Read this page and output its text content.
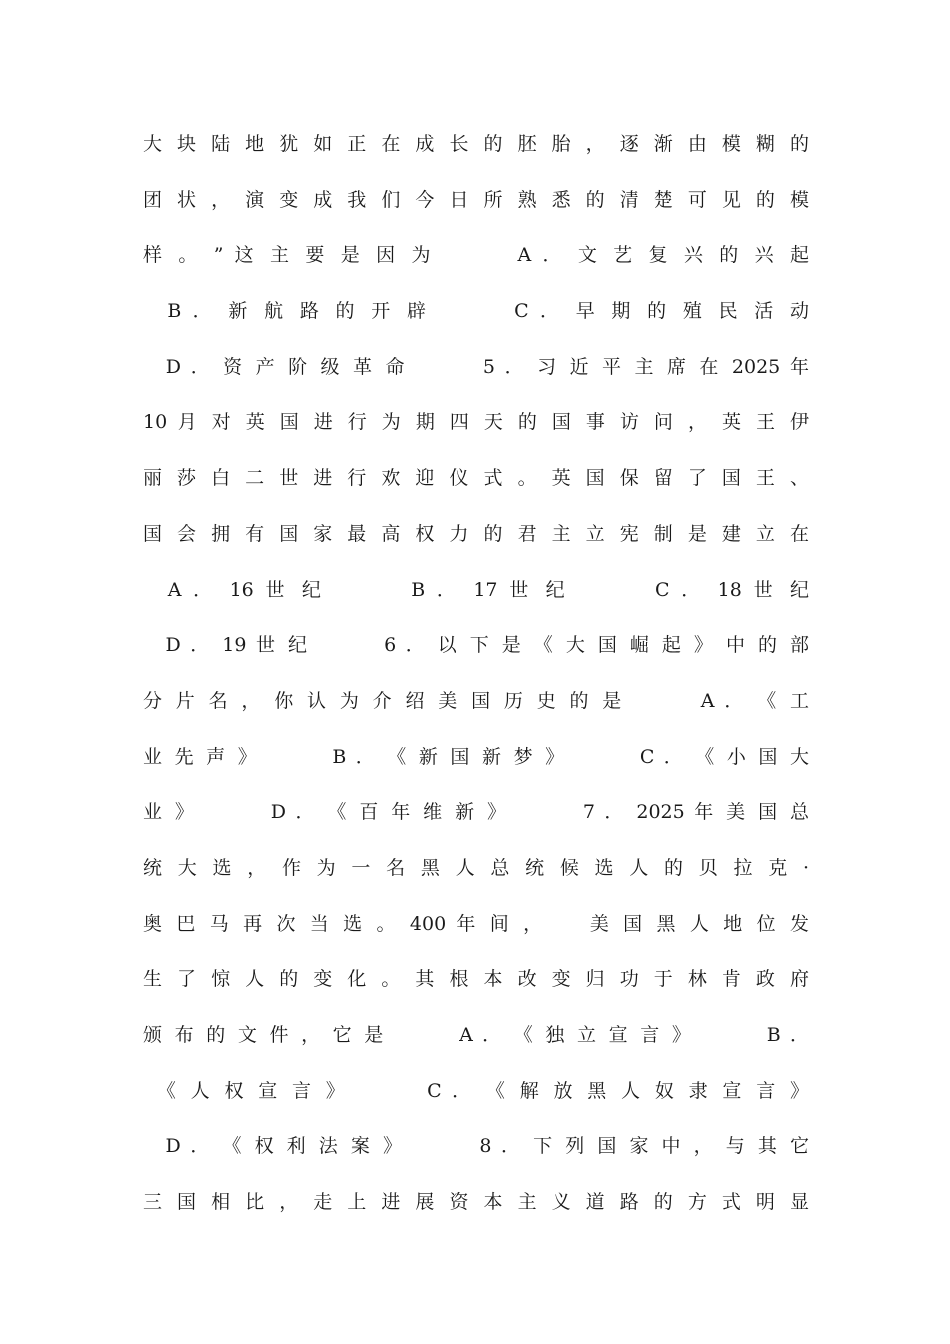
大 块 陆 地 犹 如 正 在 成 长 的 胚 胎 ， 逐 渐 由 模 糊 的
团 状 ， 演 变 成 我 们 今 日 所 熟 悉 的 清 楚 可 见 的 模
样 。 ” 这 主 要 是 因 为 　 　 A ． 文 艺 复 兴 的 兴 起 　
　B ． 新 航 路 的 开 辟 　 　 C ． 早 期 的 殖 民 活 动 　 　
　D ． 资 产 阶 级 革 命 　 　 5 ． 习 近 平 主 席 在 2025 年
10 月 对 英 国 进 行 为 期 四 天 的 国 事 访 问 ， 英 王 伊
丽 莎 白 二 世 进 行 欢 迎 仪 式 。 英 国 保 留 了 国 王 、
国 会 拥 有 国 家 最 高 权 力 的 君 主 立 宪 制 是 建 立 在
　A ． 16 世 纪 　 　 B ． 17 世 纪 　 　 C ． 18 世 纪 　 　 　 　
　D ． 19 世 纪 　 　 6 ． 以 下 是 《 大 国 崛 起 》 中 的 部
分 片 名 ， 你 认 为 介 绍 美 国 历 史 的 是 　 　 A ． 《 工
业 先 声 》 　 　 B ． 《 新 国 新 梦 》 　 　 C ． 《 小 国 大
业 》 　 　 D ． 《 百 年 维 新 》 　 　 7 ． 2025 年 美 国 总
统 大 选 ， 作 为 一 名 黑 人 总 统 候 选 人 的 贝 拉 克 ·
奥 巴 马 再 次 当 选 。 400 年 间 ， 　 美 国 黑 人 地 位 发
生 了 惊 人 的 变 化 。 其 根 本 改 变 归 功 于 林 肯 政 府
颁 布 的 文 件 ， 它 是 　 　 A ． 《 独 立 宣 言 》 　 　 B ．
　《 人 权 宣 言 》 　 　 C ． 《 解 放 黑 人 奴 隶 宣 言 》 　 　
　D ． 《 权 利 法 案 》 　 　 8 ． 下 列 国 家 中 ， 与 其 它
三 国 相 比 ， 走 上 进 展 资 本 主 义 道 路 的 方 式 明 显
